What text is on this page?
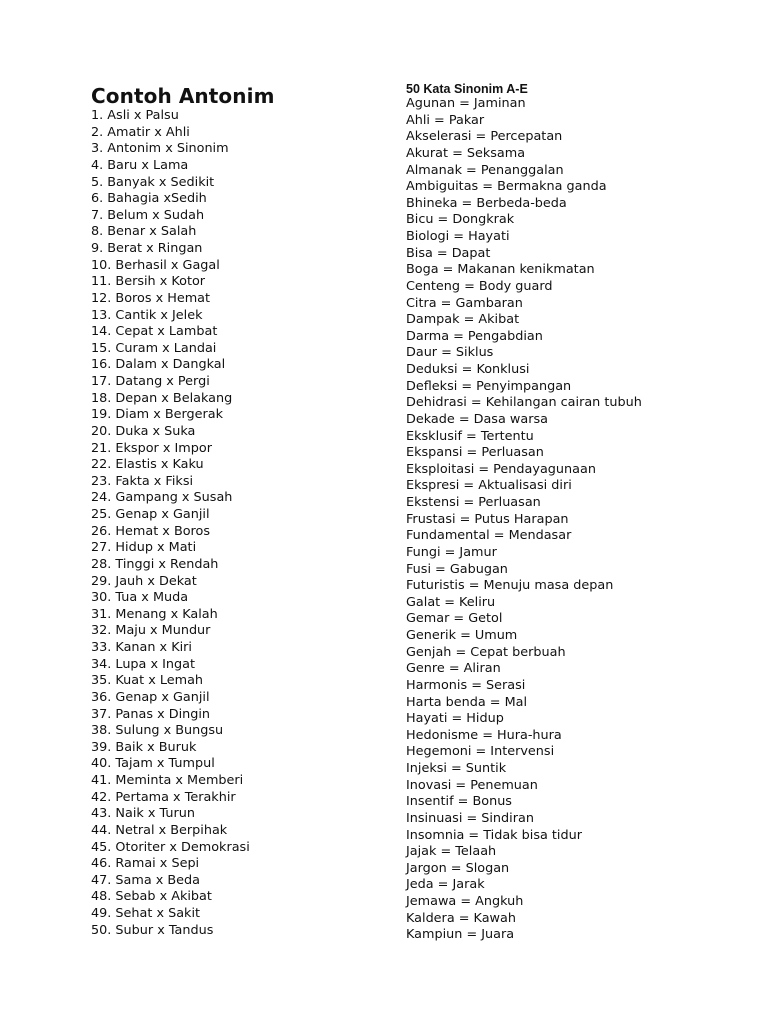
Contoh Antonim
1. Asli x Palsu
2. Amatir x Ahli
3. Antonim x Sinonim
4. Baru x Lama
5. Banyak x Sedikit
6. Bahagia xSedih
7. Belum x Sudah
8. Benar x Salah
9. Berat x Ringan
10. Berhasil x Gagal
11. Bersih x Kotor
12. Boros x Hemat
13. Cantik x Jelek
14. Cepat x Lambat
15. Curam x Landai
16. Dalam x Dangkal
17. Datang x Pergi
18. Depan x Belakang
19. Diam x Bergerak
20. Duka x Suka
21. Ekspor x Impor
22. Elastis x Kaku
23. Fakta x Fiksi
24. Gampang x Susah
25. Genap x Ganjil
26. Hemat x Boros
27. Hidup x Mati
28. Tinggi x Rendah
29. Jauh x Dekat
30. Tua x Muda
31. Menang x Kalah
32. Maju x Mundur
33. Kanan x Kiri
34. Lupa x Ingat
35. Kuat x Lemah
36. Genap x Ganjil
37. Panas x Dingin
38. Sulung x Bungsu
39. Baik x Buruk
40. Tajam x Tumpul
41. Meminta x Memberi
42. Pertama x Terakhir
43. Naik x Turun
44. Netral x Berpihak
45. Otoriter x Demokrasi
46. Ramai x Sepi
47. Sama x Beda
48. Sebab x Akibat
49. Sehat x Sakit
50. Subur x Tandus
50 Kata Sinonim A-E
Agunan = Jaminan
Ahli = Pakar
Akselerasi = Percepatan
Akurat = Seksama
Almanak = Penanggalan
Ambiguitas = Bermakna ganda
Bhineka = Berbeda-beda
Bicu = Dongkrak
Biologi = Hayati
Bisa = Dapat
Boga = Makanan kenikmatan
Centeng = Body guard
Citra = Gambaran
Dampak = Akibat
Darma = Pengabdian
Daur = Siklus
Deduksi = Konklusi
Defleksi = Penyimpangan
Dehidrasi = Kehilangan cairan tubuh
Dekade = Dasa warsa
Eksklusif = Tertentu
Ekspansi = Perluasan
Eksploitasi = Pendayagunaan
Ekspresi = Aktualisasi diri
Ekstensi = Perluasan
Frustasi = Putus Harapan
Fundamental = Mendasar
Fungi = Jamur
Fusi = Gabugan
Futuristis = Menuju masa depan
Galat = Keliru
Gemar = Getol
Generik = Umum
Genjah = Cepat berbuah
Genre = Aliran
Harmonis = Serasi
Harta benda = Mal
Hayati = Hidup
Hedonisme = Hura-hura
Hegemoni = Intervensi
Injeksi = Suntik
Inovasi = Penemuan
Insentif = Bonus
Insinuasi = Sindiran
Insomnia = Tidak bisa tidur
Jajak = Telaah
Jargon = Slogan
Jeda = Jarak
Jemawa = Angkuh
Kaldera = Kawah
Kampiun = Juara
